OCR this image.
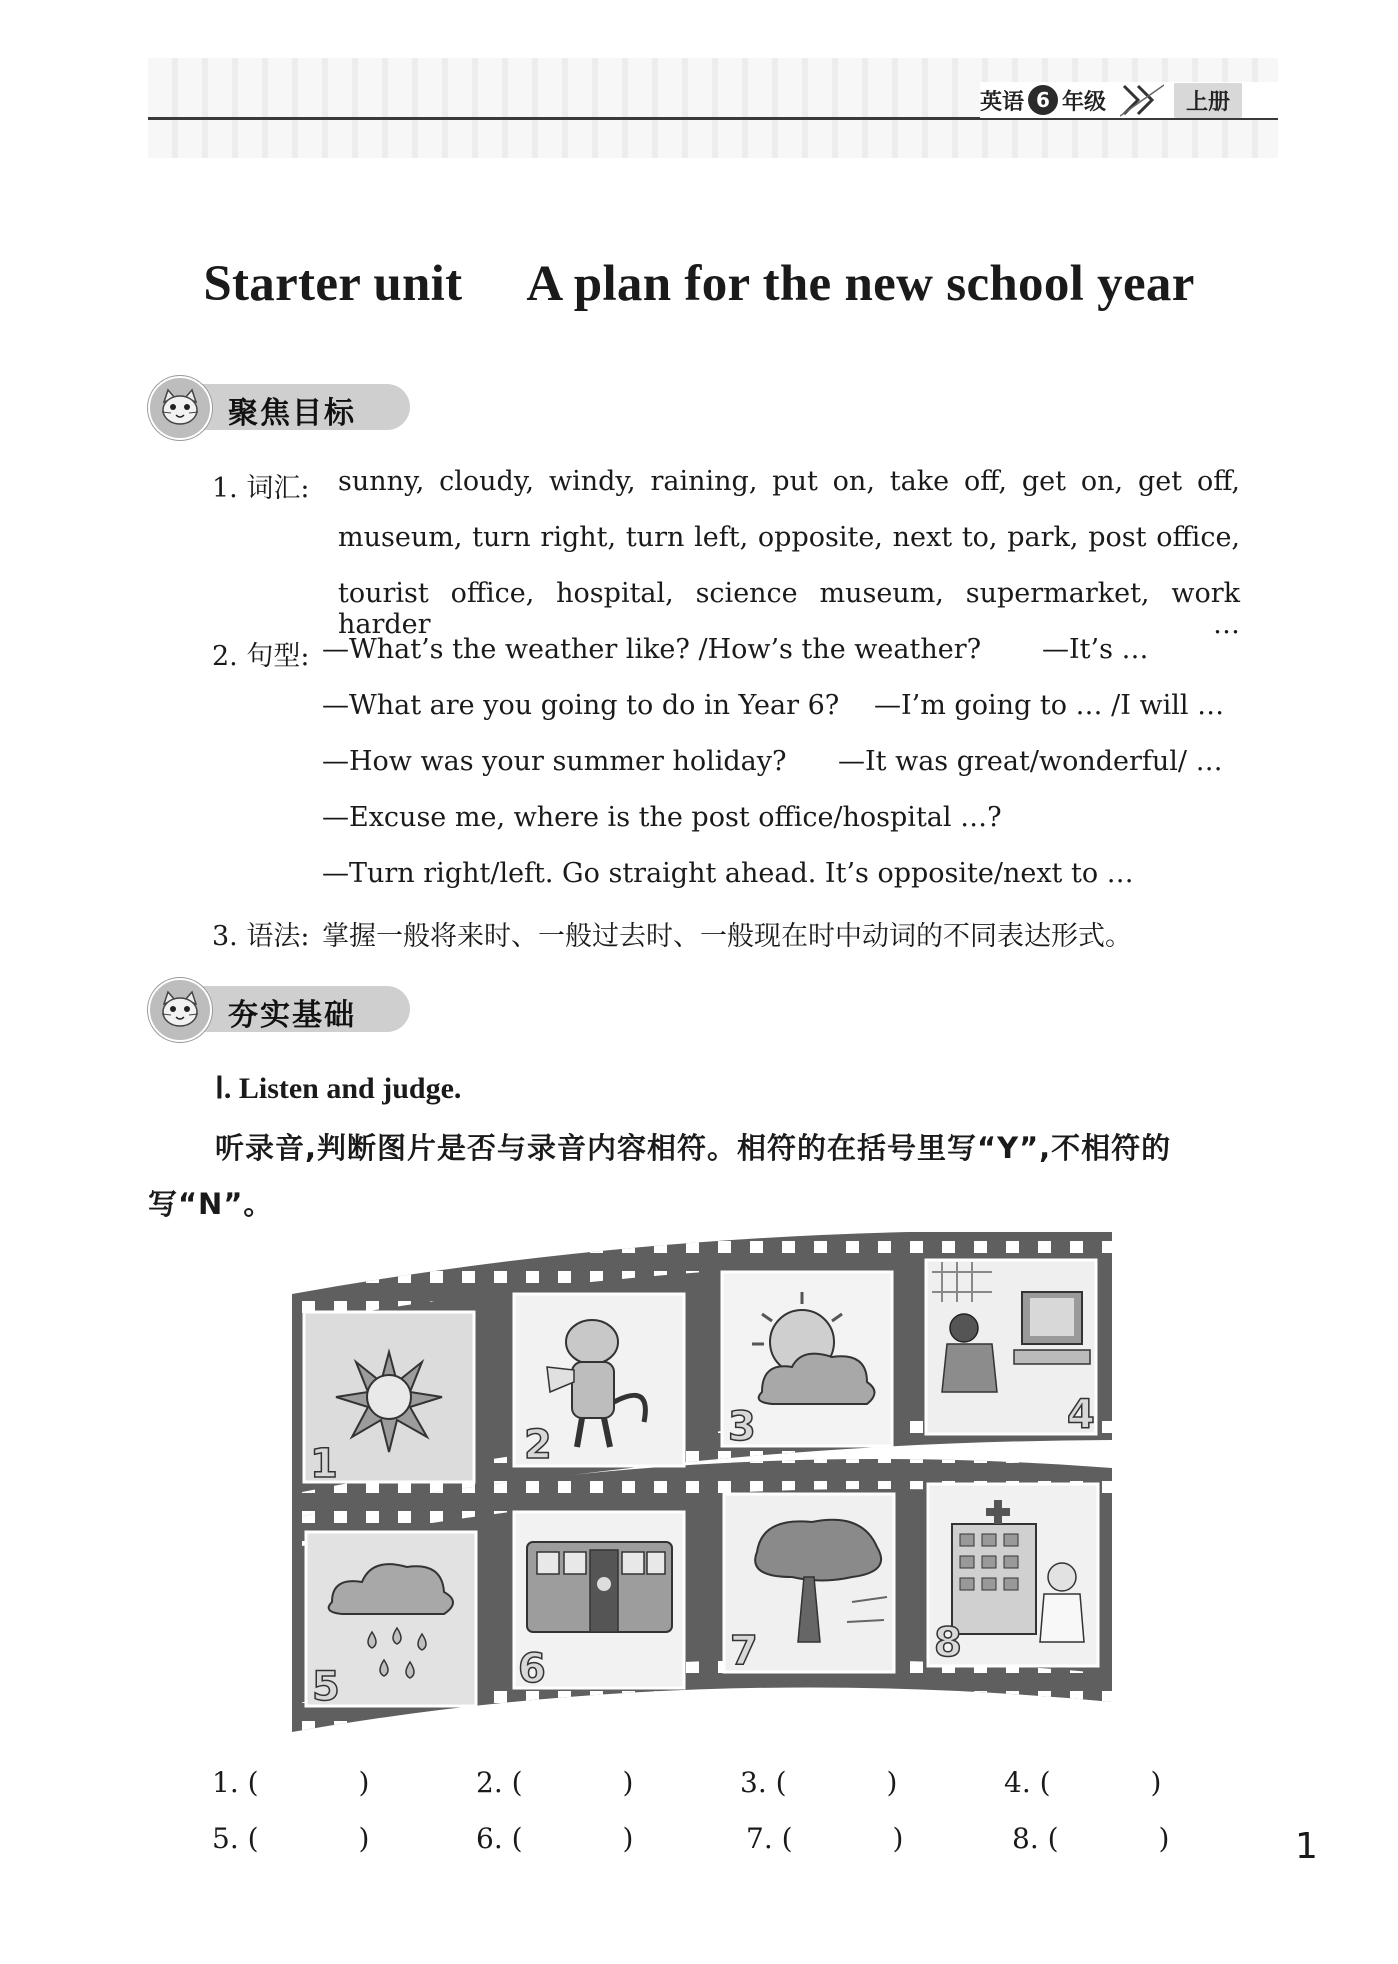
英语 6 年级	上册
Starter unit A plan for the new school year
聚焦目标
1. 词汇: sunny, cloudy, windy, raining, put on, take off, get on, get off,
museum, turn right, turn left, opposite, next to, park, post office,
tourist office, hospital, science museum, supermarket, work harder …
2. 句型: —What’s the weather like? /How’s the weather? —It’s …
—What are you going to do in Year 6? —I’m going to … /I will …
—How was your summer holiday? —It was great/wonderful/ …
—Excuse me, where is the post office/hospital …?
—Turn right/left. Go straight ahead. It’s opposite/next to …
3. 语法: 掌握一般将来时、一般过去时、一般现在时中动词的不同表达形式。
夯实基础
Ⅰ. Listen and judge.
听录音,判断图片是否与录音内容相符。相符的在括号里写“Y”,不相符的
写“N”。
1	2	3	4
5	6	7	8
1. (	)	2. (	)	3. (	)	4. (	)
5. (	)	6. (	)	7. (	)	8. (	)	1
